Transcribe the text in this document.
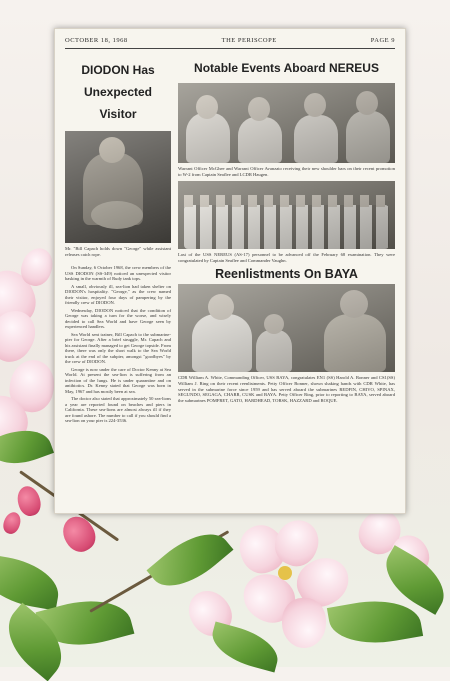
OCTOBER 18, 1968	THE PERISCOPE	PAGE 9
DIODON Has
Unexpected Visitor
Mr. "Bill Capach holds down "George" while assistant releases catch rope.

On Sunday, 6 October 1968, the crew members of the USS DIODON (SS-349) noticed an unexpected visitor basking in the warmth of Rudy tank tops.

A small, obviously ill, sea-lion had taken shelter on DIODON's hospitality. "George," as the crew named their visitor, enjoyed four days of pampering by the friendly crew of DIODON.

Wednesday, DIODON noticed that the condition of George was taking a turn for the worse, and wisely decided to call Sea World and have George seen by experienced handlers.

Sea World sent trainer, Bill Capach to the submarine-pier for George. After a brief struggle, Mr. Capach and his assistant finally managed to get George topside. From there, there was only the short walk to the Sea World truck at the end of the subpier, amongst "goodbyes" by the crew of DIODON.

George is now under the care of Doctor Kenny at Sea World. At present the sea-lion is suffering from an infection of the lungs. He is under quarantine and on antibiotics. Dr. Kenny stated that George was born in May, 1967 and has mostly been at sea.

The doctor also stated that approximately 50 sea-lions a year are reported found on beaches and piers in California. These sea-lions are almost always ill if they are found ashore. The number to call if you should find a sea-lion on your pier is 224-3536.

Notable Events Aboard NEREUS
Warrant Officer McGhee and Warrant Officer Avanzato receiving their new shoulder bars on their recent promotion to W-2 from Captain Seaflee and LCDR Haugen.
Last of the USS NEREUS (AS-17) personnel to be advanced off the February 68 examination. They were congratulated by Captain Seaflee and Commander Vaughn.
Reenlistments On BAYA
CDR William A. White, Commanding Officer, USS BAYA, congratulates EN1 (SS) Harold A. Bonner and CS1(SS) William J. Ring on their recent reenlistments. Petty Officer Bonner, shown shaking hands with CDR White, has served in the submarine force since 1959 and has served aboard the submarines REDFIN, CHIVO, SPINAX, SEGUNDO, SEGAGA, CHARR, CUSK and BAYA. Petty Officer Ring, prior to reporting to BAYA, served aboard the submarines POMFRET, GATO, HARDHEAD, TORSK, HAZZARD and ROQUE.
